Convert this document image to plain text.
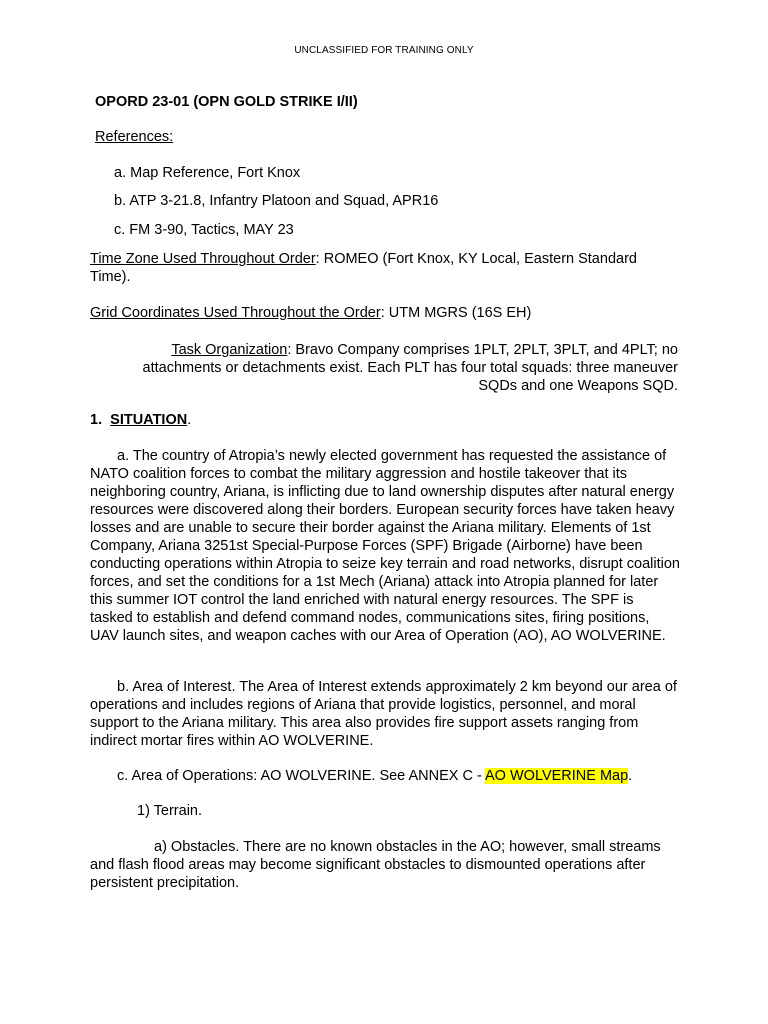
UNCLASSIFIED FOR TRAINING ONLY
OPORD 23-01 (OPN GOLD STRIKE I/II)
References:
a. Map Reference, Fort Knox
b. ATP 3-21.8, Infantry Platoon and Squad, APR16
c. FM 3-90, Tactics, MAY 23
Time Zone Used Throughout Order: ROMEO (Fort Knox, KY Local, Eastern Standard Time).
Grid Coordinates Used Throughout the Order: UTM MGRS (16S EH)
Task Organization: Bravo Company comprises 1PLT, 2PLT, 3PLT, and 4PLT; no attachments or detachments exist. Each PLT has four total squads: three maneuver SQDs and one Weapons SQD.
1. SITUATION.
a. The country of Atropia’s newly elected government has requested the assistance of NATO coalition forces to combat the military aggression and hostile takeover that its neighboring country, Ariana, is inflicting due to land ownership disputes after natural energy resources were discovered along their borders. European security forces have taken heavy losses and are unable to secure their border against the Ariana military. Elements of 1st Company, Ariana 3251st Special-Purpose Forces (SPF) Brigade (Airborne) have been conducting operations within Atropia to seize key terrain and road networks, disrupt coalition forces, and set the conditions for a 1st Mech (Ariana) attack into Atropia planned for later this summer IOT control the land enriched with natural energy resources. The SPF is tasked to establish and defend command nodes, communications sites, firing positions, UAV launch sites, and weapon caches with our Area of Operation (AO), AO WOLVERINE.
b. Area of Interest. The Area of Interest extends approximately 2 km beyond our area of operations and includes regions of Ariana that provide logistics, personnel, and moral support to the Ariana military. This area also provides fire support assets ranging from indirect mortar fires within AO WOLVERINE.
c. Area of Operations: AO WOLVERINE. See ANNEX C - AO WOLVERINE Map.
1) Terrain.
a) Obstacles. There are no known obstacles in the AO; however, small streams and flash flood areas may become significant obstacles to dismounted operations after persistent precipitation.
